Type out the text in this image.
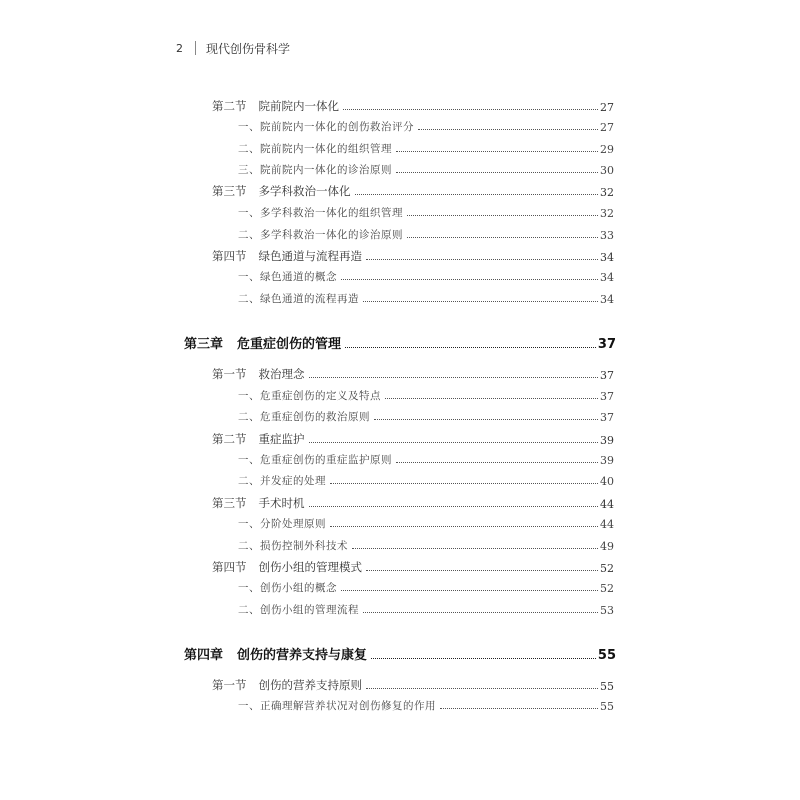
2 现代创伤骨科学
第二节 院前院内一体化	27
一、院前院内一体化的创伤救治评分	27
二、院前院内一体化的组织管理	29
三、院前院内一体化的诊治原则	30
第三节 多学科救治一体化	32
一、多学科救治一体化的组织管理	32
二、多学科救治一体化的诊治原则	33
第四节 绿色通道与流程再造	34
一、绿色通道的概念	34
二、绿色通道的流程再造	34
第三章 危重症创伤的管理	37
第一节 救治理念	37
一、危重症创伤的定义及特点	37
二、危重症创伤的救治原则	37
第二节 重症监护	39
一、危重症创伤的重症监护原则	39
二、并发症的处理	40
第三节 手术时机	44
一、分阶处理原则	44
二、损伤控制外科技术	49
第四节 创伤小组的管理模式	52
一、创伤小组的概念	52
二、创伤小组的管理流程	53
第四章 创伤的营养支持与康复	55
第一节 创伤的营养支持原则	55
一、正确理解营养状况对创伤修复的作用	55
